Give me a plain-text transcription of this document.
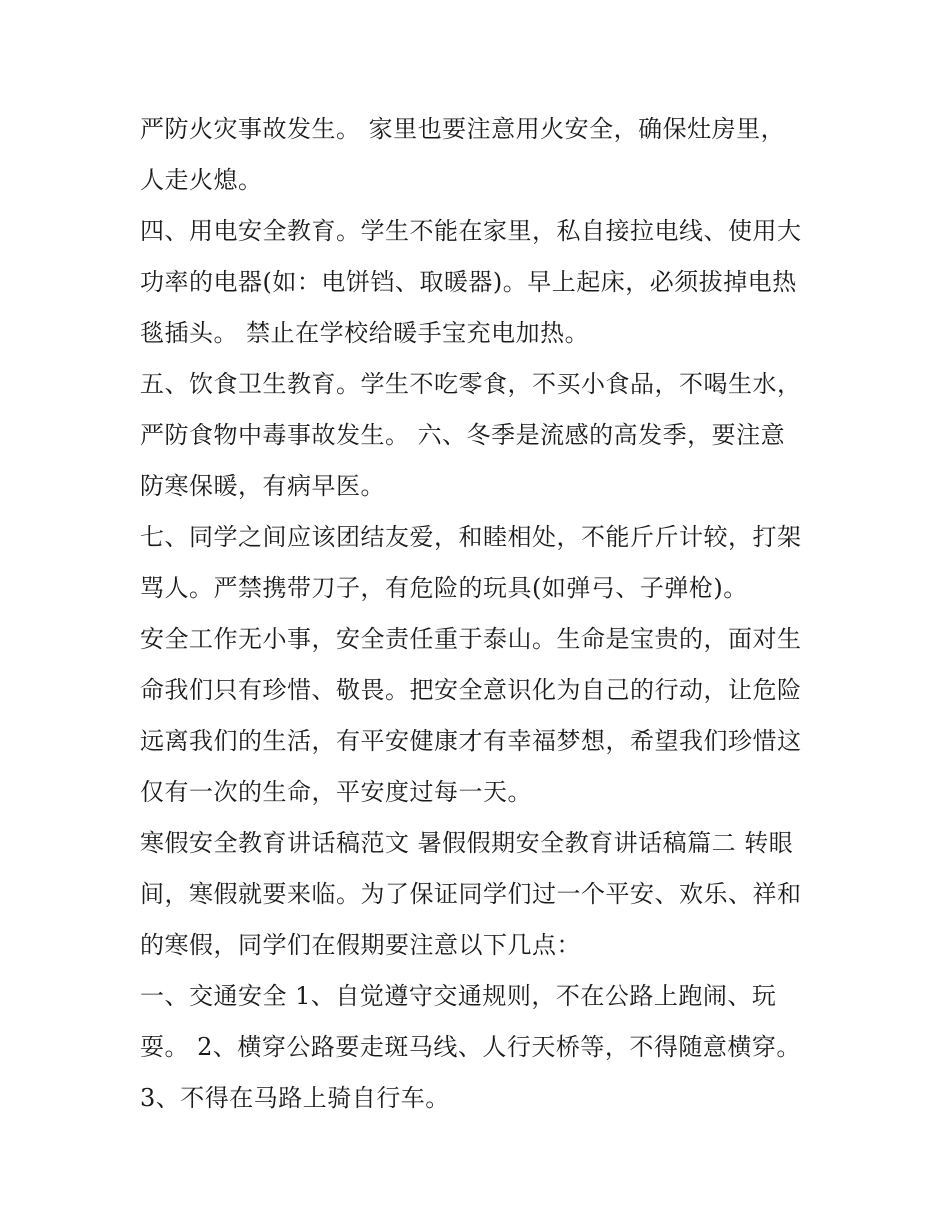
严防火灾事故发生。 家里也要注意用火安全，确保灶房里，
人走火熄。
四、用电安全教育。学生不能在家里，私自接拉电线、使用大
功率的电器(如：电饼铛、取暖器)。早上起床，必须拔掉电热
毯插头。 禁止在学校给暖手宝充电加热。
五、饮食卫生教育。学生不吃零食，不买小食品，不喝生水，
严防食物中毒事故发生。 六、冬季是流感的高发季，要注意
防寒保暖，有病早医。
七、同学之间应该团结友爱，和睦相处，不能斤斤计较，打架
骂人。严禁携带刀子，有危险的玩具(如弹弓、子弹枪)。
安全工作无小事，安全责任重于泰山。生命是宝贵的，面对生
命我们只有珍惜、敬畏。把安全意识化为自己的行动，让危险
远离我们的生活，有平安健康才有幸福梦想，希望我们珍惜这
仅有一次的生命，平安度过每一天。
寒假安全教育讲话稿范文 暑假假期安全教育讲话稿篇二 转眼
间，寒假就要来临。为了保证同学们过一个平安、欢乐、祥和
的寒假，同学们在假期要注意以下几点：
一、交通安全 1、自觉遵守交通规则，不在公路上跑闹、玩
耍。 2、横穿公路要走斑马线、人行天桥等，不得随意横穿。
3、不得在马路上骑自行车。
